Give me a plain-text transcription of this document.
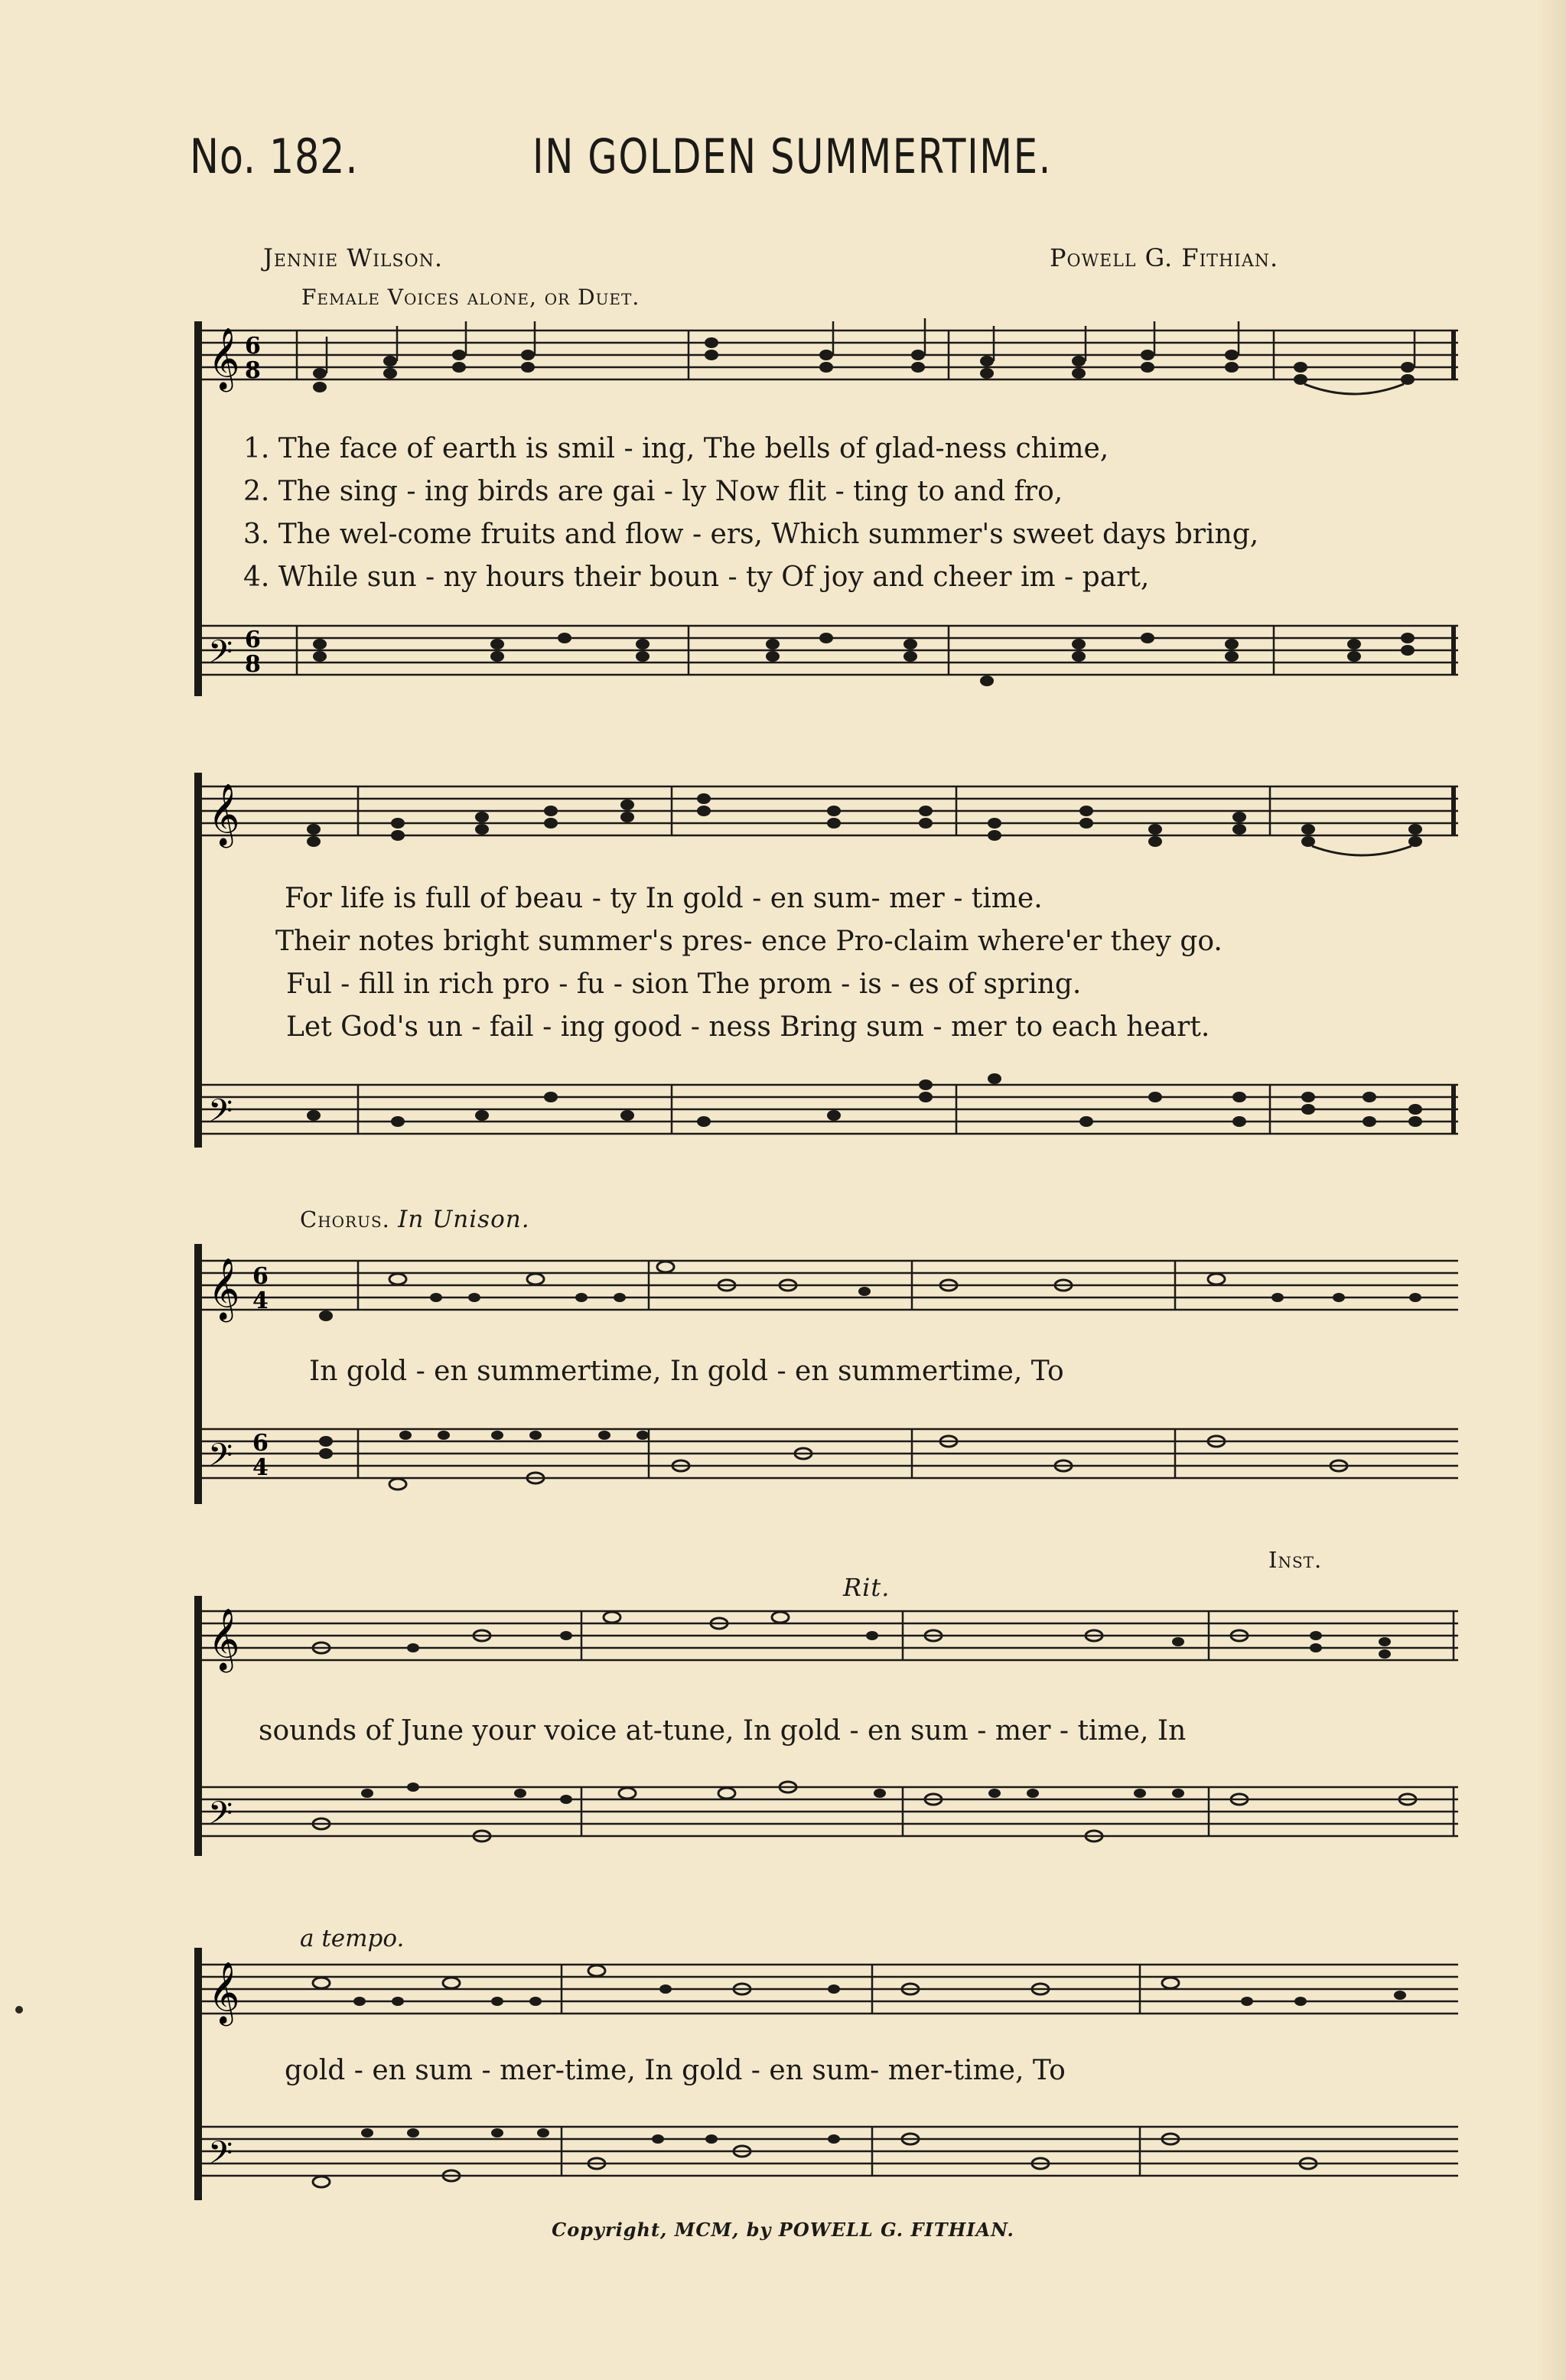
No. 182.	IN GOLDEN SUMMERTIME.
Jennie Wilson.	Powell G. Fithian.
Female Voices alone, or Duet.
𝄞 6
8
𝄢 6
8
1. The face of earth is smil - ing, The bells of glad-ness chime,
2. The sing - ing birds are gai - ly Now flit - ting to and fro,
3. The wel-come fruits and flow - ers, Which summer's sweet days bring,
4. While sun - ny hours their boun - ty Of joy and cheer im - part,
𝄞
𝄢
For life is full of beau - ty In gold - en sum- mer - time.
Their notes bright summer's pres- ence Pro-claim where'er they go.
Ful - fill in rich pro - fu - sion The prom - is - es of spring.
Let God's un - fail - ing good - ness Bring sum - mer to each heart.
Chorus. In Unison.
𝄞 6
4
𝄢 6
4
In gold - en summertime, In gold - en summertime, To
Rit.
Inst.
𝄞
𝄢
sounds of June your voice at-tune, In gold - en sum - mer - time, In
a tempo.
𝄞
𝄢
gold - en sum - mer-time, In gold - en sum- mer-time, To
Copyright, MCM, by POWELL G. FITHIAN.
